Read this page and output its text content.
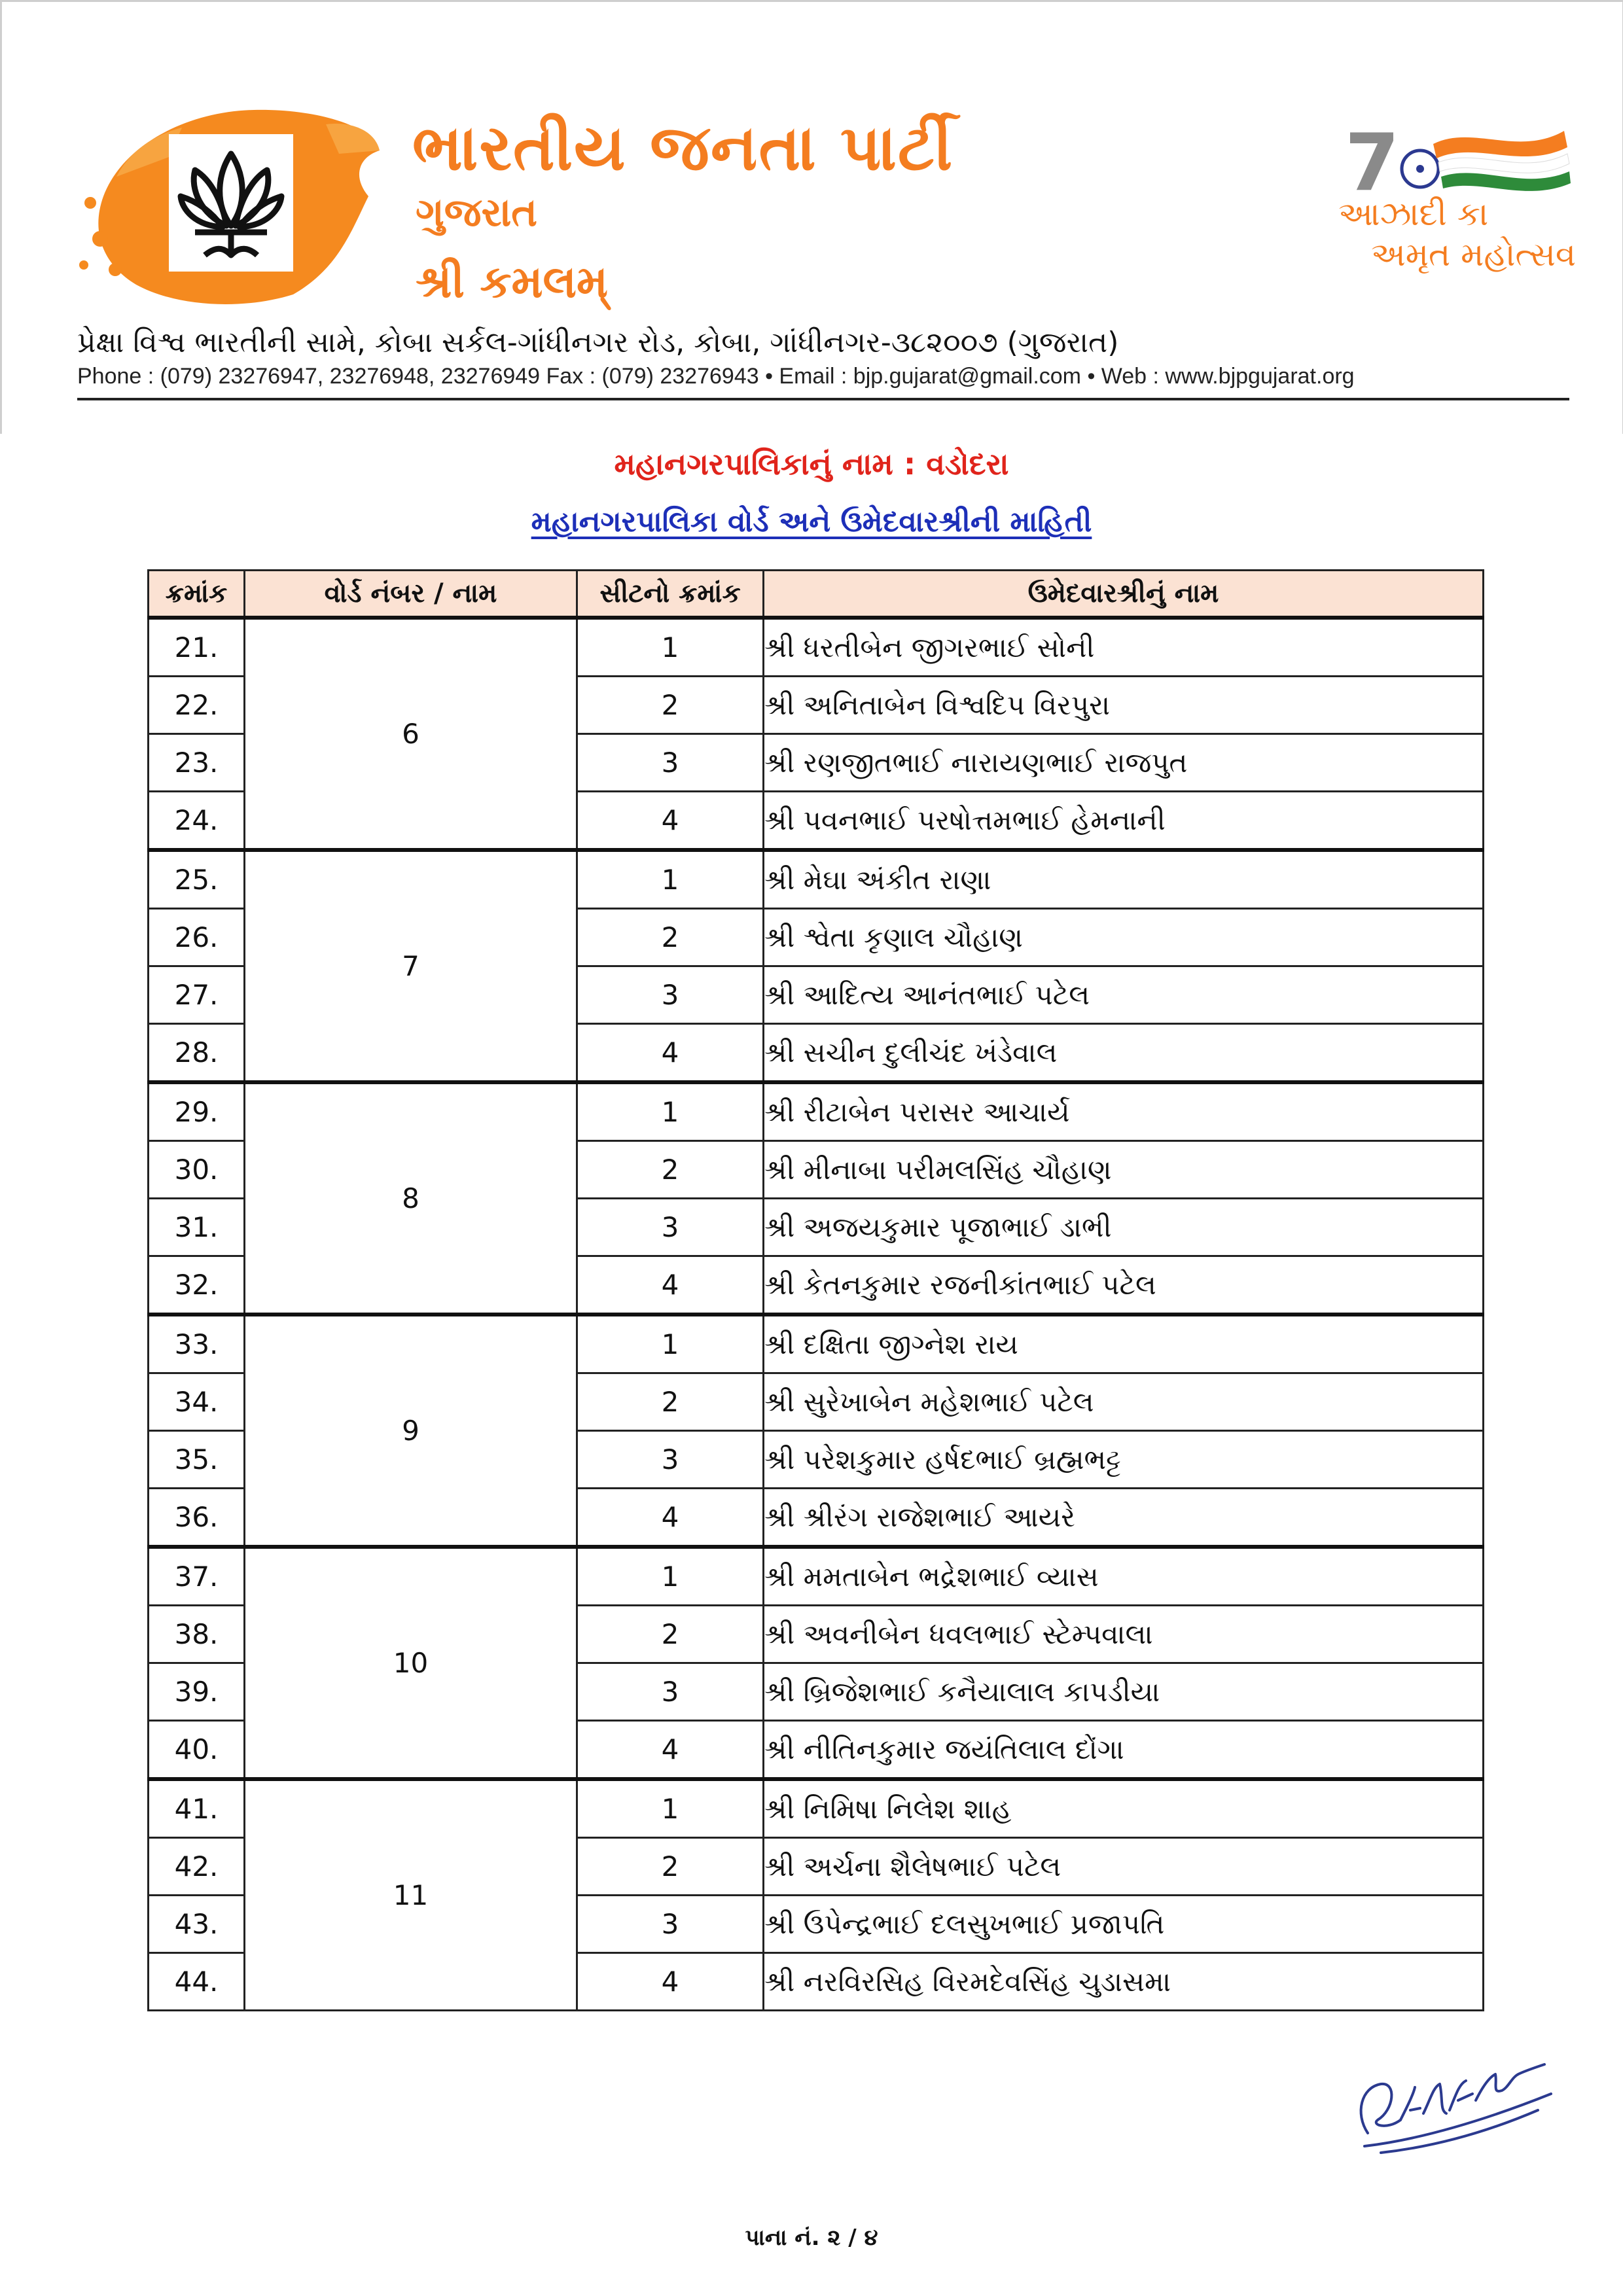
ભારતીય જનતા પાર્ટી
ગુજરાત
શ્રી કમલમ્
7
આઝાદી કા
અમૃત મહોત્સવ
પ્રેક્ષા વિશ્વ ભારતીની સામે, કોબા સર્કલ-ગાંધીનગર રોડ, કોબા, ગાંધીનગર-૩૮૨૦૦૭ (ગુજરાત)
Phone : (079) 23276947, 23276948, 23276949 Fax : (079) 23276943 • Email : bjp.gujarat@gmail.com • Web : www.bjpgujarat.org
મહાનગરપાલિકાનું નામ : વડોદરા
મહાનગરપાલિકા વોર્ડ અને ઉમેદવારશ્રીની માહિતી
ક્રમાંક	વોર્ડ નંબર / નામ	સીટનો ક્રમાંક	ઉમેદવારશ્રીનું નામ
21.	6	1	શ્રી ધરતીબેન જીગરભાઈ સોની
22.		2	શ્રી અનિતાબેન વિશ્વદિપ વિરપુરા
23.		3	શ્રી રણજીતભાઈ નારાયણભાઈ રાજપુત
24.		4	શ્રી પવનભાઈ પરષોત્તમભાઈ હેમનાની
25.	7	1	શ્રી મેઘા અંકીત રાણા
26.		2	શ્રી શ્વેતા કૃણાલ ચૌહાણ
27.		3	શ્રી આદિત્ય આનંતભાઈ પટેલ
28.		4	શ્રી સચીન દુલીચંદ ખંડેવાલ
29.	8	1	શ્રી રીટાબેન પરાસર આચાર્ય
30.		2	શ્રી મીનાબા પરીમલસિંહ ચૌહાણ
31.		3	શ્રી અજયકુમાર પૂજાભાઈ ડાભી
32.		4	શ્રી કેતનકુમાર રજનીકાંતભાઈ પટેલ
33.	9	1	શ્રી દક્ષિતા જીગ્નેશ રાય
34.		2	શ્રી સુરેખાબેન મહેશભાઈ પટેલ
35.		3	શ્રી પરેશકુમાર હર્ષદભાઈ બ્રહ્મભટ્ટ
36.		4	શ્રી શ્રીરંગ રાજેશભાઈ આયરે
37.	10	1	શ્રી મમતાબેન ભદ્રેશભાઈ વ્યાસ
38.		2	શ્રી અવનીબેન ધવલભાઈ સ્ટેમ્પવાલા
39.		3	શ્રી બ્રિજેશભાઈ કનૈયાલાલ કાપડીયા
40.		4	શ્રી નીતિનકુમાર જયંતિલાલ દોંગા
41.	11	1	શ્રી નિમિષા નિલેશ શાહ
42.		2	શ્રી અર્ચના શૈલેષભાઈ પટેલ
43.		3	શ્રી ઉપેન્દ્રભાઈ દલસુખભાઈ પ્રજાપતિ
44.		4	શ્રી નરવિરસિહ વિરમદેવસિંહ ચુડાસમા
પાના નં. ૨ / ૪
